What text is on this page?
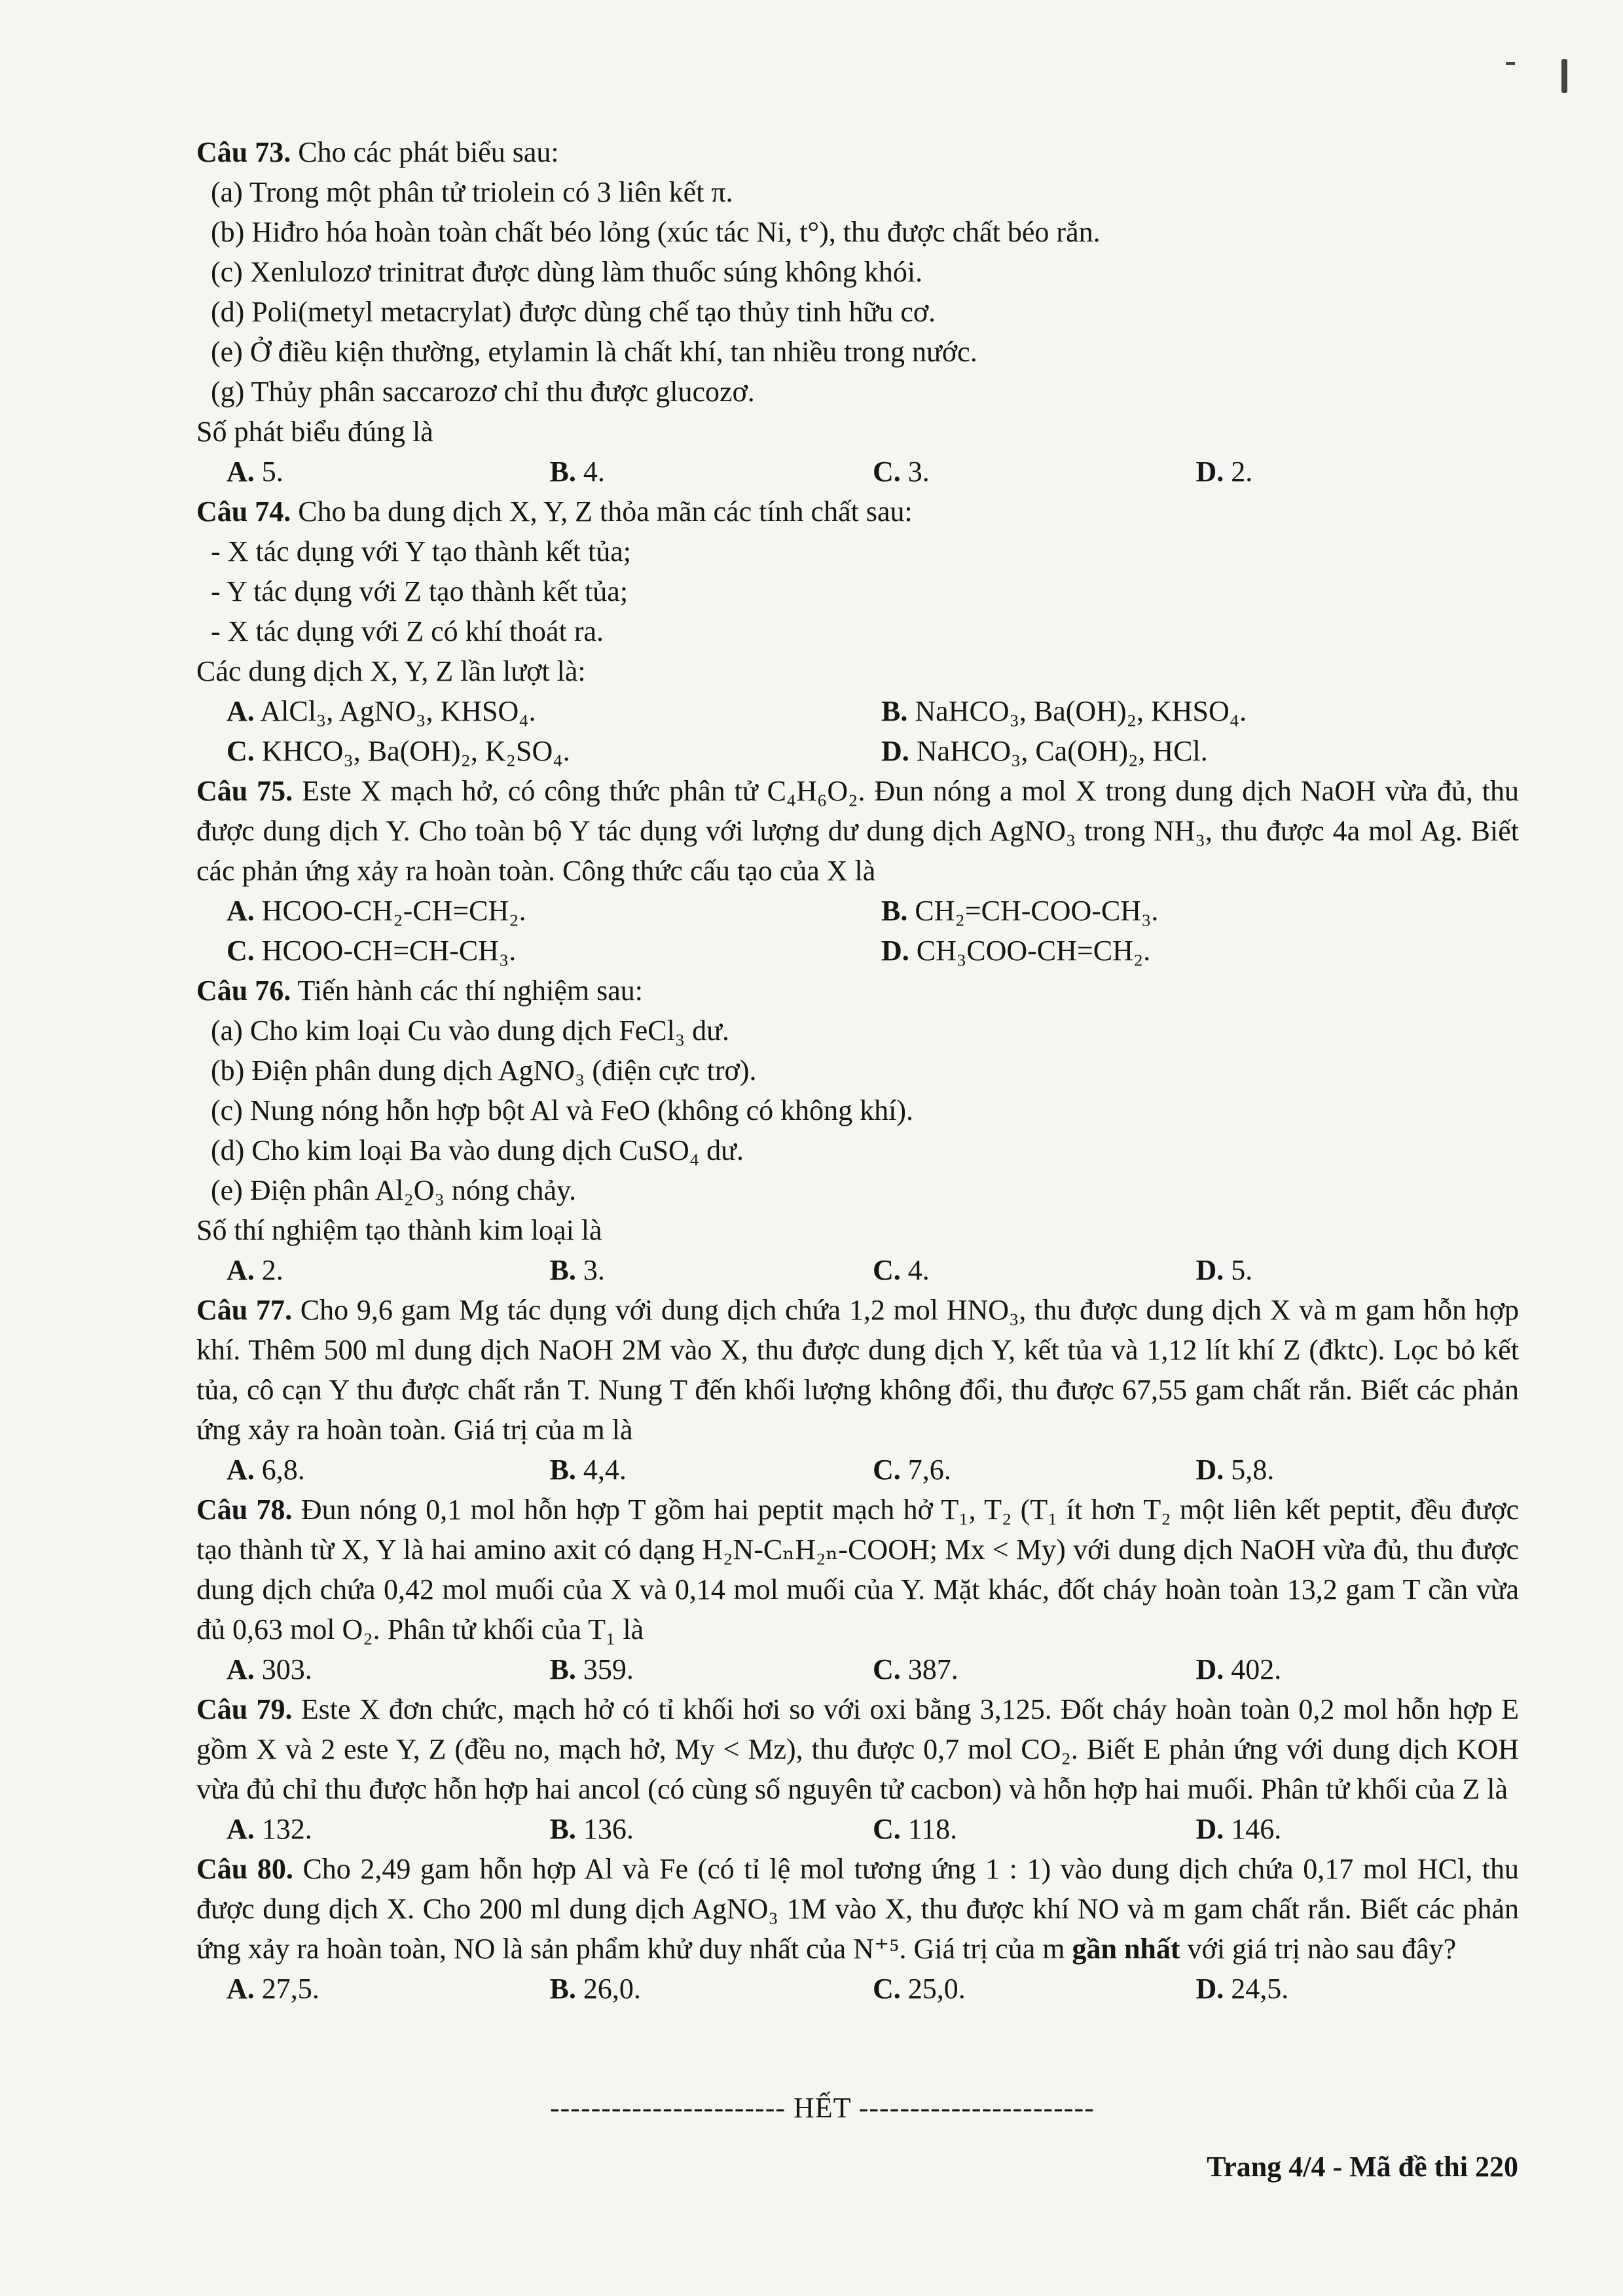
Câu 73. Cho các phát biểu sau:
(a) Trong một phân tử triolein có 3 liên kết π.
(b) Hiđro hóa hoàn toàn chất béo lỏng (xúc tác Ni, t°), thu được chất béo rắn.
(c) Xenlulozơ trinitrat được dùng làm thuốc súng không khói.
(d) Poli(metyl metacrylat) được dùng chế tạo thủy tinh hữu cơ.
(e) Ở điều kiện thường, etylamin là chất khí, tan nhiều trong nước.
(g) Thủy phân saccarozơ chỉ thu được glucozơ.
Số phát biểu đúng là
A. 5.	B. 4.	C. 3.	D. 2.
Câu 74. Cho ba dung dịch X, Y, Z thỏa mãn các tính chất sau:
- X tác dụng với Y tạo thành kết tủa;
- Y tác dụng với Z tạo thành kết tủa;
- X tác dụng với Z có khí thoát ra.
Các dung dịch X, Y, Z lần lượt là:
A. AlCl₃, AgNO₃, KHSO₄.	B. NaHCO₃, Ba(OH)₂, KHSO₄.
C. KHCO₃, Ba(OH)₂, K₂SO₄.	D. NaHCO₃, Ca(OH)₂, HCl.
Câu 75. Este X mạch hở, có công thức phân tử C₄H₆O₂. Đun nóng a mol X trong dung dịch NaOH vừa đủ, thu được dung dịch Y. Cho toàn bộ Y tác dụng với lượng dư dung dịch AgNO₃ trong NH₃, thu được 4a mol Ag. Biết các phản ứng xảy ra hoàn toàn. Công thức cấu tạo của X là
A. HCOO-CH₂-CH=CH₂.	B. CH₂=CH-COO-CH₃.
C. HCOO-CH=CH-CH₃.	D. CH₃COO-CH=CH₂.
Câu 76. Tiến hành các thí nghiệm sau:
(a) Cho kim loại Cu vào dung dịch FeCl₃ dư.
(b) Điện phân dung dịch AgNO₃ (điện cực trơ).
(c) Nung nóng hỗn hợp bột Al và FeO (không có không khí).
(d) Cho kim loại Ba vào dung dịch CuSO₄ dư.
(e) Điện phân Al₂O₃ nóng chảy.
Số thí nghiệm tạo thành kim loại là
A. 2.	B. 3.	C. 4.	D. 5.
Câu 77. Cho 9,6 gam Mg tác dụng với dung dịch chứa 1,2 mol HNO₃, thu được dung dịch X và m gam hỗn hợp khí. Thêm 500 ml dung dịch NaOH 2M vào X, thu được dung dịch Y, kết tủa và 1,12 lít khí Z (đktc). Lọc bỏ kết tủa, cô cạn Y thu được chất rắn T. Nung T đến khối lượng không đổi, thu được 67,55 gam chất rắn. Biết các phản ứng xảy ra hoàn toàn. Giá trị của m là
A. 6,8.	B. 4,4.	C. 7,6.	D. 5,8.
Câu 78. Đun nóng 0,1 mol hỗn hợp T gồm hai peptit mạch hở T₁, T₂ (T₁ ít hơn T₂ một liên kết peptit, đều được tạo thành từ X, Y là hai amino axit có dạng H₂N-CₙH₂ₙ-COOH; Mx < My) với dung dịch NaOH vừa đủ, thu được dung dịch chứa 0,42 mol muối của X và 0,14 mol muối của Y. Mặt khác, đốt cháy hoàn toàn 13,2 gam T cần vừa đủ 0,63 mol O₂. Phân tử khối của T₁ là
A. 303.	B. 359.	C. 387.	D. 402.
Câu 79. Este X đơn chức, mạch hở có tỉ khối hơi so với oxi bằng 3,125. Đốt cháy hoàn toàn 0,2 mol hỗn hợp E gồm X và 2 este Y, Z (đều no, mạch hở, My < Mz), thu được 0,7 mol CO₂. Biết E phản ứng với dung dịch KOH vừa đủ chỉ thu được hỗn hợp hai ancol (có cùng số nguyên tử cacbon) và hỗn hợp hai muối. Phân tử khối của Z là
A. 132.	B. 136.	C. 118.	D. 146.
Câu 80. Cho 2,49 gam hỗn hợp Al và Fe (có tỉ lệ mol tương ứng 1 : 1) vào dung dịch chứa 0,17 mol HCl, thu được dung dịch X. Cho 200 ml dung dịch AgNO₃ 1M vào X, thu được khí NO và m gam chất rắn. Biết các phản ứng xảy ra hoàn toàn, NO là sản phẩm khử duy nhất của N⁺⁵. Giá trị của m gần nhất với giá trị nào sau đây?
A. 27,5.	B. 26,0.	C. 25,0.	D. 24,5.
----------------------- HẾT -----------------------
Trang 4/4 - Mã đề thi 220
